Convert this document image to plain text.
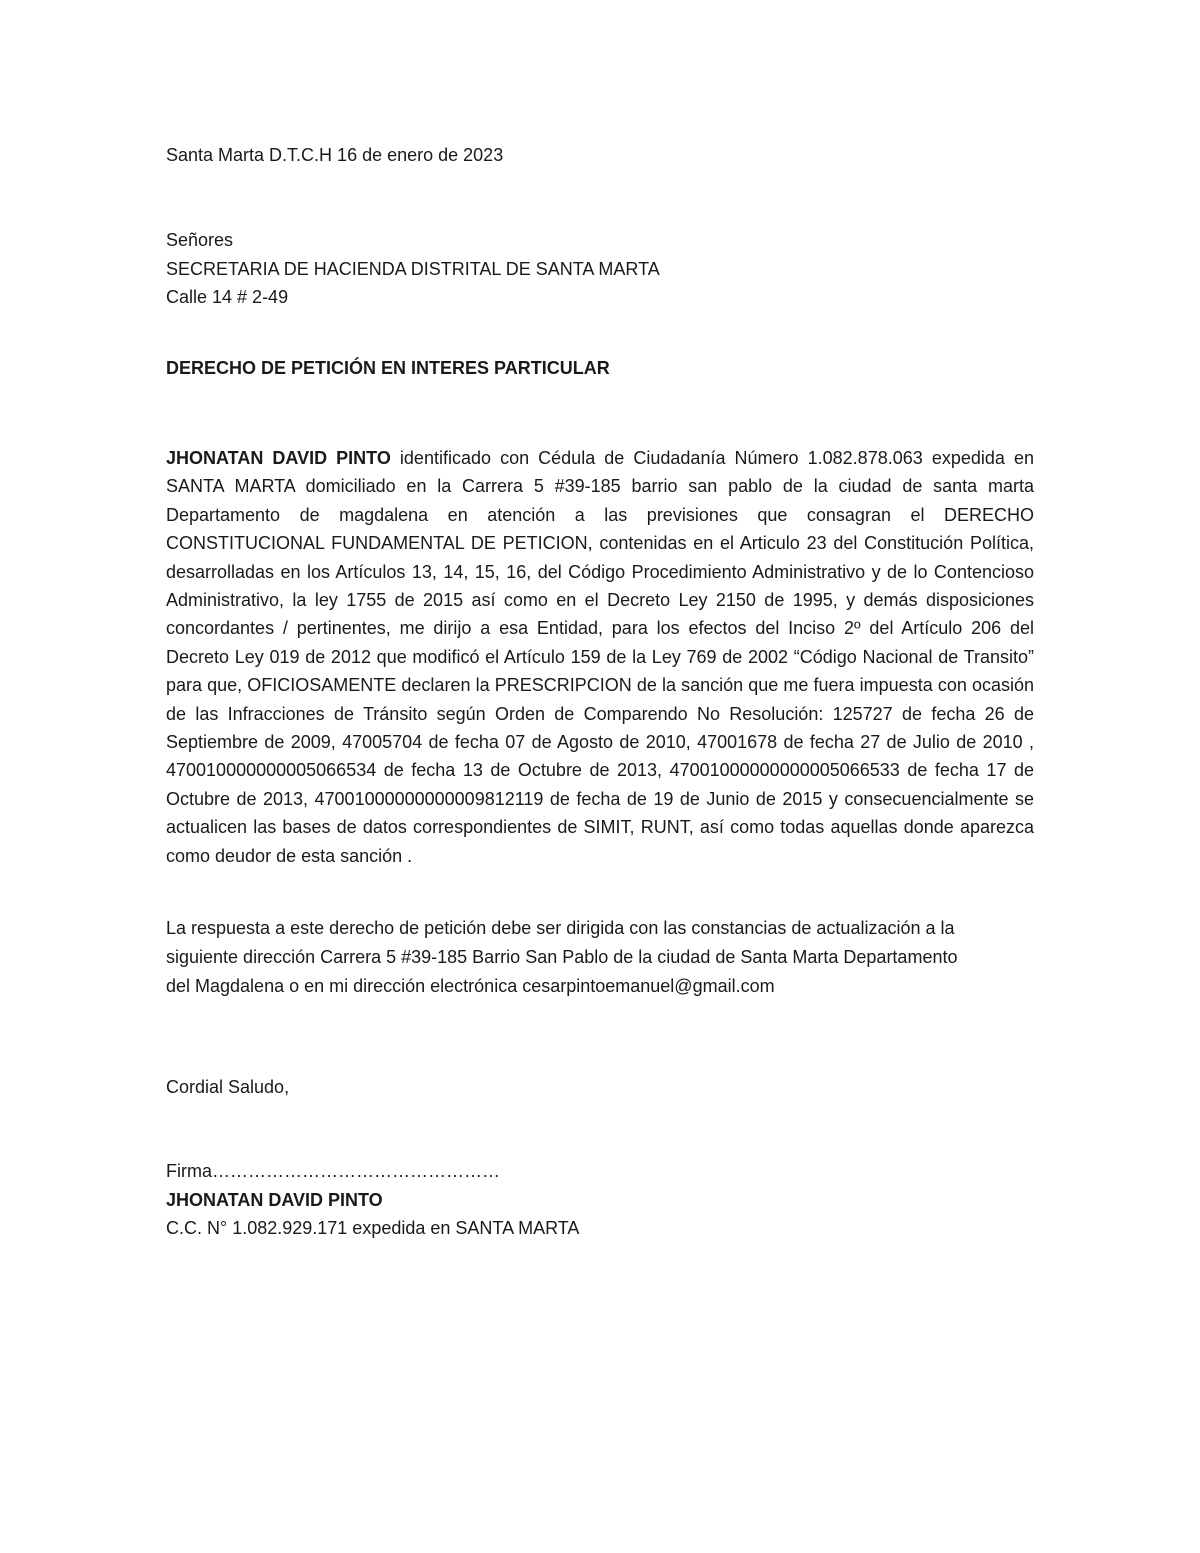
Santa Marta D.T.C.H 16 de enero de 2023
Señores
SECRETARIA DE HACIENDA DISTRITAL DE SANTA MARTA
Calle 14 # 2-49
DERECHO DE PETICIÓN EN INTERES PARTICULAR

JHONATAN DAVID PINTO identificado con Cédula de Ciudadanía Número 1.082.878.063 expedida en SANTA MARTA domiciliado en la Carrera 5 #39-185 barrio san pablo de la ciudad de santa marta Departamento de magdalena en atención a las previsiones que consagran el DERECHO CONSTITUCIONAL FUNDAMENTAL DE PETICION, contenidas en el Articulo 23 del Constitución Política, desarrolladas en los Artículos 13, 14, 15, 16, del Código Procedimiento Administrativo y de lo Contencioso Administrativo, la ley 1755 de 2015 así como en el Decreto Ley 2150 de 1995, y demás disposiciones concordantes / pertinentes, me dirijo a esa Entidad, para los efectos del Inciso 2º del Artículo 206 del Decreto Ley 019 de 2012 que modificó el Artículo 159 de la Ley 769 de 2002 “Código Nacional de Transito” para que, OFICIOSAMENTE declaren la PRESCRIPCION de la sanción que me fuera impuesta con ocasión de las Infracciones de Tránsito según Orden de Comparendo No Resolución: 125727 de fecha 26 de Septiembre de 2009, 47005704 de fecha 07 de Agosto de 2010, 47001678 de fecha 27 de Julio de 2010 , 470010000000005066534 de fecha 13 de Octubre de 2013, 47001000000000005066533 de fecha 17 de Octubre de 2013, 47001000000000009812119 de fecha de 19 de Junio de 2015 y consecuencialmente se actualicen las bases de datos correspondientes de SIMIT, RUNT, así como todas aquellas donde aparezca como deudor de esta sanción .

La respuesta a este derecho de petición debe ser dirigida con las constancias de actualización a la
siguiente dirección Carrera 5 #39-185 Barrio San Pablo de la ciudad de Santa Marta Departamento
del Magdalena o en mi dirección electrónica cesarpintoemanuel@gmail.com
Cordial Saludo,
Firma…………………………………………
JHONATAN DAVID PINTO
C.C. N° 1.082.929.171 expedida en SANTA MARTA
